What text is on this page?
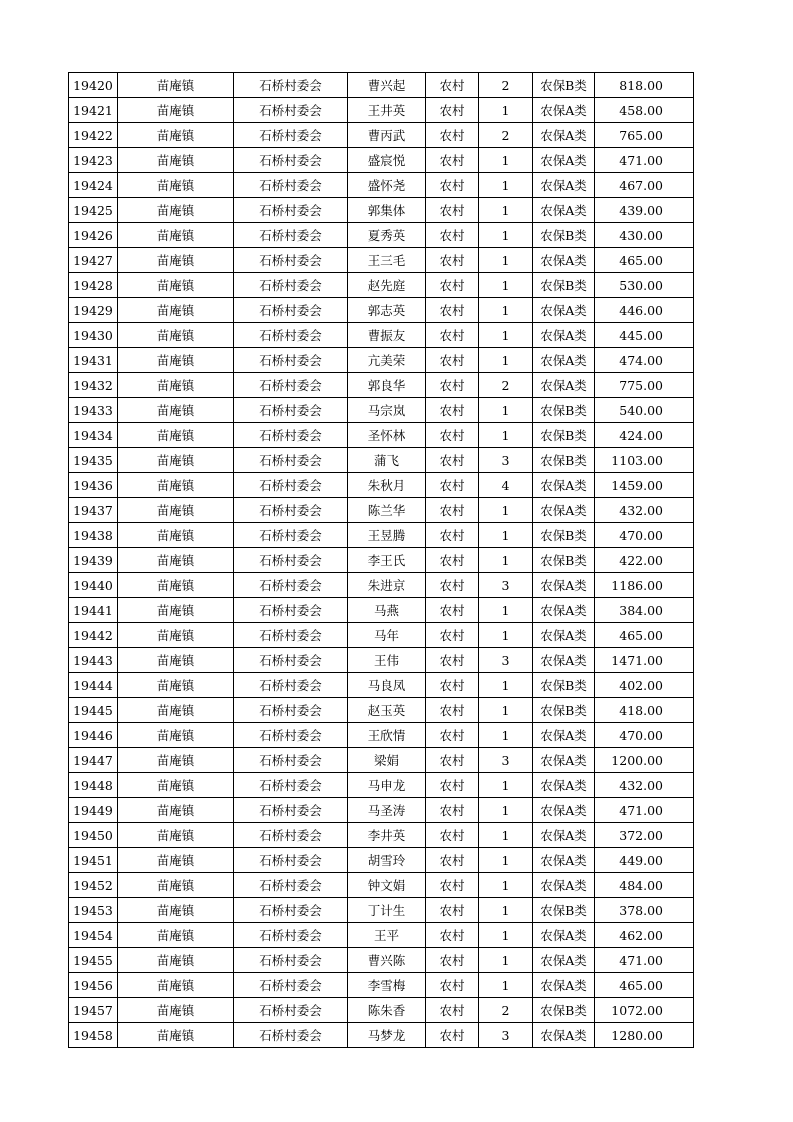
19420	苗庵镇	石桥村委会	曹兴起	农村	2	农保B类	818.00
19421	苗庵镇	石桥村委会	王井英	农村	1	农保A类	458.00
19422	苗庵镇	石桥村委会	曹丙武	农村	2	农保A类	765.00
19423	苗庵镇	石桥村委会	盛宸悦	农村	1	农保A类	471.00
19424	苗庵镇	石桥村委会	盛怀尧	农村	1	农保A类	467.00
19425	苗庵镇	石桥村委会	郭集体	农村	1	农保A类	439.00
19426	苗庵镇	石桥村委会	夏秀英	农村	1	农保B类	430.00
19427	苗庵镇	石桥村委会	王三毛	农村	1	农保A类	465.00
19428	苗庵镇	石桥村委会	赵先庭	农村	1	农保B类	530.00
19429	苗庵镇	石桥村委会	郭志英	农村	1	农保A类	446.00
19430	苗庵镇	石桥村委会	曹振友	农村	1	农保A类	445.00
19431	苗庵镇	石桥村委会	亢美荣	农村	1	农保A类	474.00
19432	苗庵镇	石桥村委会	郭良华	农村	2	农保A类	775.00
19433	苗庵镇	石桥村委会	马宗岚	农村	1	农保B类	540.00
19434	苗庵镇	石桥村委会	圣怀林	农村	1	农保B类	424.00
19435	苗庵镇	石桥村委会	蒲飞	农村	3	农保B类	1103.00
19436	苗庵镇	石桥村委会	朱秋月	农村	4	农保A类	1459.00
19437	苗庵镇	石桥村委会	陈兰华	农村	1	农保A类	432.00
19438	苗庵镇	石桥村委会	王昱腾	农村	1	农保B类	470.00
19439	苗庵镇	石桥村委会	李王氏	农村	1	农保B类	422.00
19440	苗庵镇	石桥村委会	朱进京	农村	3	农保A类	1186.00
19441	苗庵镇	石桥村委会	马燕	农村	1	农保A类	384.00
19442	苗庵镇	石桥村委会	马年	农村	1	农保A类	465.00
19443	苗庵镇	石桥村委会	王伟	农村	3	农保A类	1471.00
19444	苗庵镇	石桥村委会	马良凤	农村	1	农保B类	402.00
19445	苗庵镇	石桥村委会	赵玉英	农村	1	农保B类	418.00
19446	苗庵镇	石桥村委会	王欣情	农村	1	农保A类	470.00
19447	苗庵镇	石桥村委会	梁娟	农村	3	农保A类	1200.00
19448	苗庵镇	石桥村委会	马申龙	农村	1	农保A类	432.00
19449	苗庵镇	石桥村委会	马圣涛	农村	1	农保A类	471.00
19450	苗庵镇	石桥村委会	李井英	农村	1	农保A类	372.00
19451	苗庵镇	石桥村委会	胡雪玲	农村	1	农保A类	449.00
19452	苗庵镇	石桥村委会	钟文娟	农村	1	农保A类	484.00
19453	苗庵镇	石桥村委会	丁计生	农村	1	农保B类	378.00
19454	苗庵镇	石桥村委会	王平	农村	1	农保A类	462.00
19455	苗庵镇	石桥村委会	曹兴陈	农村	1	农保A类	471.00
19456	苗庵镇	石桥村委会	李雪梅	农村	1	农保A类	465.00
19457	苗庵镇	石桥村委会	陈朱香	农村	2	农保B类	1072.00
19458	苗庵镇	石桥村委会	马梦龙	农村	3	农保A类	1280.00
